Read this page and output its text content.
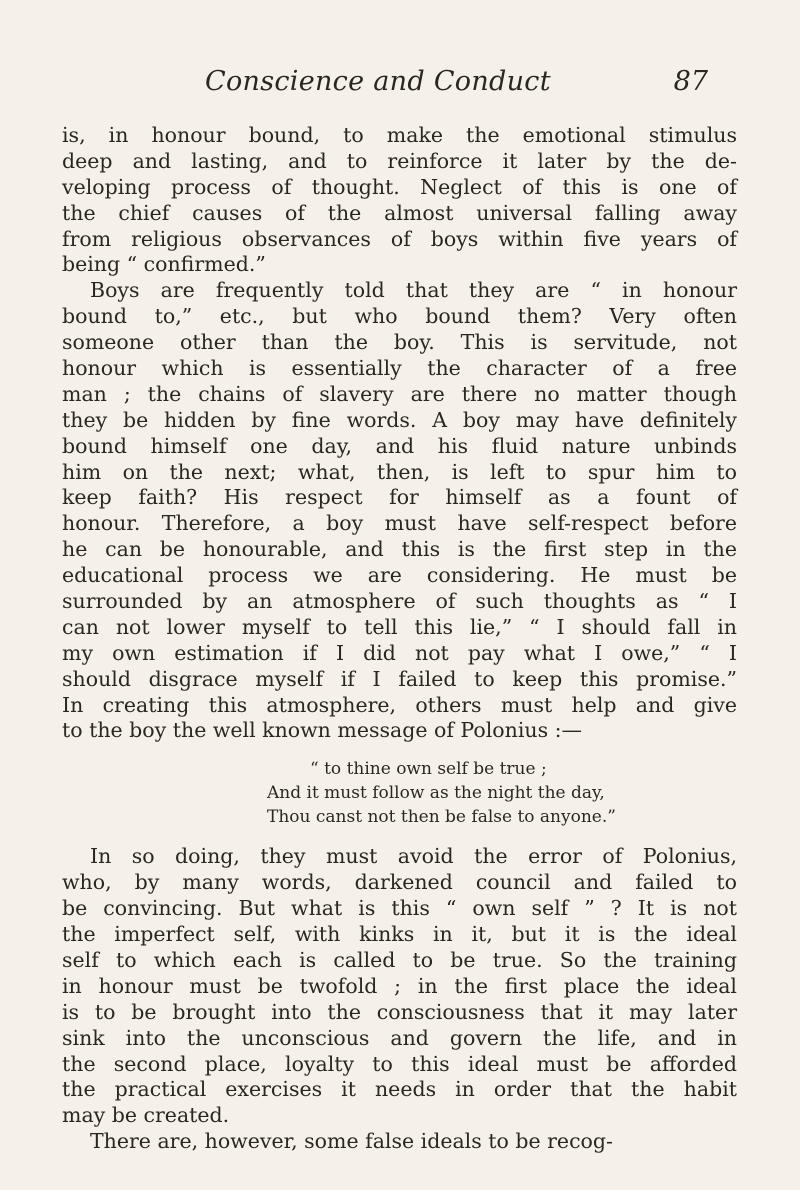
Conscience and Conduct	87
is, in honour bound, to make the emotional stimulus
deep and lasting, and to reinforce it later by the de-
veloping process of thought. Neglect of this is one of
the chief causes of the almost universal falling away
from religious observances of boys within five years of
being “ confirmed.”
Boys are frequently told that they are “ in honour
bound to,” etc., but who bound them? Very often
someone other than the boy. This is servitude, not
honour which is essentially the character of a free
man ; the chains of slavery are there no matter though
they be hidden by fine words. A boy may have definitely
bound himself one day, and his fluid nature unbinds
him on the next; what, then, is left to spur him to
keep faith? His respect for himself as a fount of
honour. Therefore, a boy must have self-respect before
he can be honourable, and this is the first step in the
educational process we are considering. He must be
surrounded by an atmosphere of such thoughts as “ I
can not lower myself to tell this lie,” “ I should fall in
my own estimation if I did not pay what I owe,” “ I
should disgrace myself if I failed to keep this promise.”
In creating this atmosphere, others must help and give
to the boy the well known message of Polonius :—
“ to thine own self be true ;
And it must follow as the night the day,
Thou canst not then be false to anyone.”
In so doing, they must avoid the error of Polonius,
who, by many words, darkened council and failed to
be convincing. But what is this “ own self ” ? It is not
the imperfect self, with kinks in it, but it is the ideal
self to which each is called to be true. So the training
in honour must be twofold ; in the first place the ideal
is to be brought into the consciousness that it may later
sink into the unconscious and govern the life, and in
the second place, loyalty to this ideal must be afforded
the practical exercises it needs in order that the habit
may be created.
There are, however, some false ideals to be recog-
